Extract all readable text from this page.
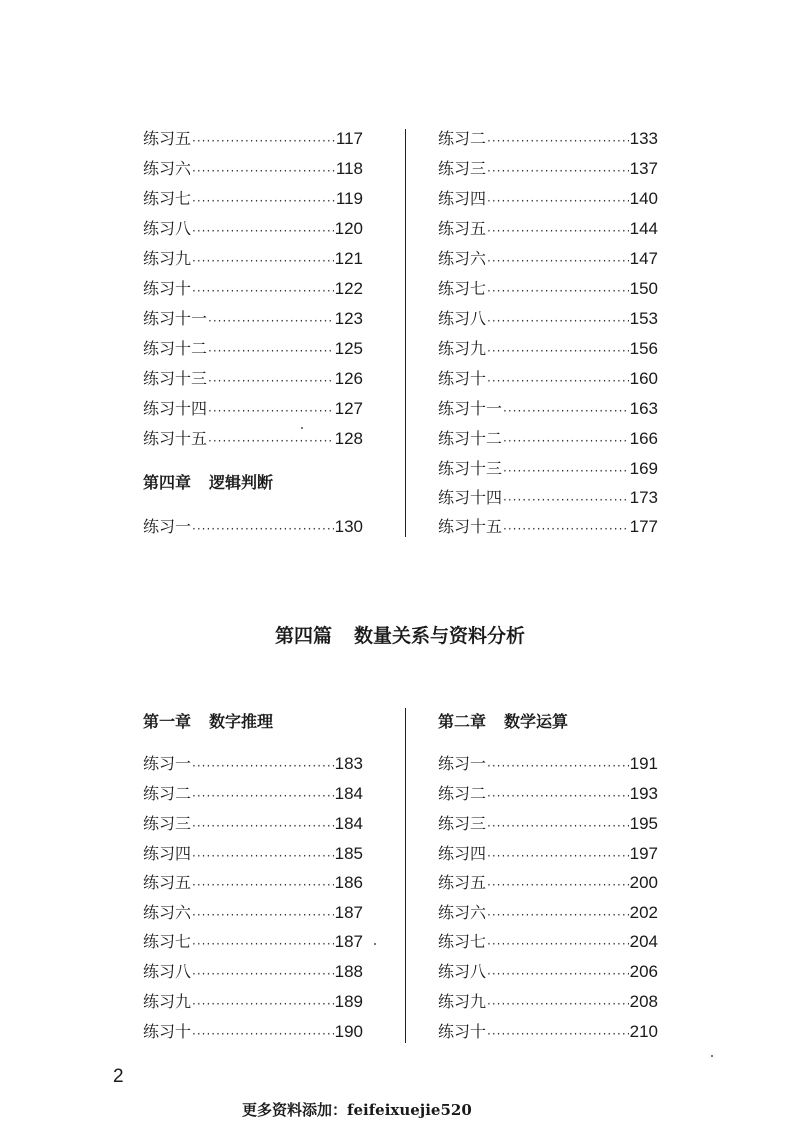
练习五 ·····	117
练习六 ·····	118
练习七 ·····	119
练习八 ·····	120
练习九 ·····	121
练习十 ·····	122
练习十一 ·····	123
练习十二 ·····	125
练习十三 ·····	126
练习十四 ·····	127
练习十五 ·····	128
第四章 逻辑判断
练习一 ·····	130
练习二 ·····	133
练习三 ·····	137
练习四 ·····	140
练习五 ·····	144
练习六 ·····	147
练习七 ·····	150
练习八 ·····	153
练习九 ·····	156
练习十 ·····	160
练习十一 ·····	163
练习十二 ·····	166
练习十三 ·····	169
练习十四 ·····	173
练习十五 ·····	177
第四篇 数量关系与资料分析
第一章 数字推理
练习一 ·····	183
练习二 ·····	184
练习三 ·····	184
练习四 ·····	185
练习五 ·····	186
练习六 ·····	187
练习七 ·····	187
练习八 ·····	188
练习九 ·····	189
练习十 ·····	190
第二章 数学运算
练习一 ·····	191
练习二 ·····	193
练习三 ·····	195
练习四 ·····	197
练习五 ·····	200
练习六 ·····	202
练习七 ·····	204
练习八 ·····	206
练习九 ·····	208
练习十 ·····	210
2
更多资料添加：feifeixuejie520
